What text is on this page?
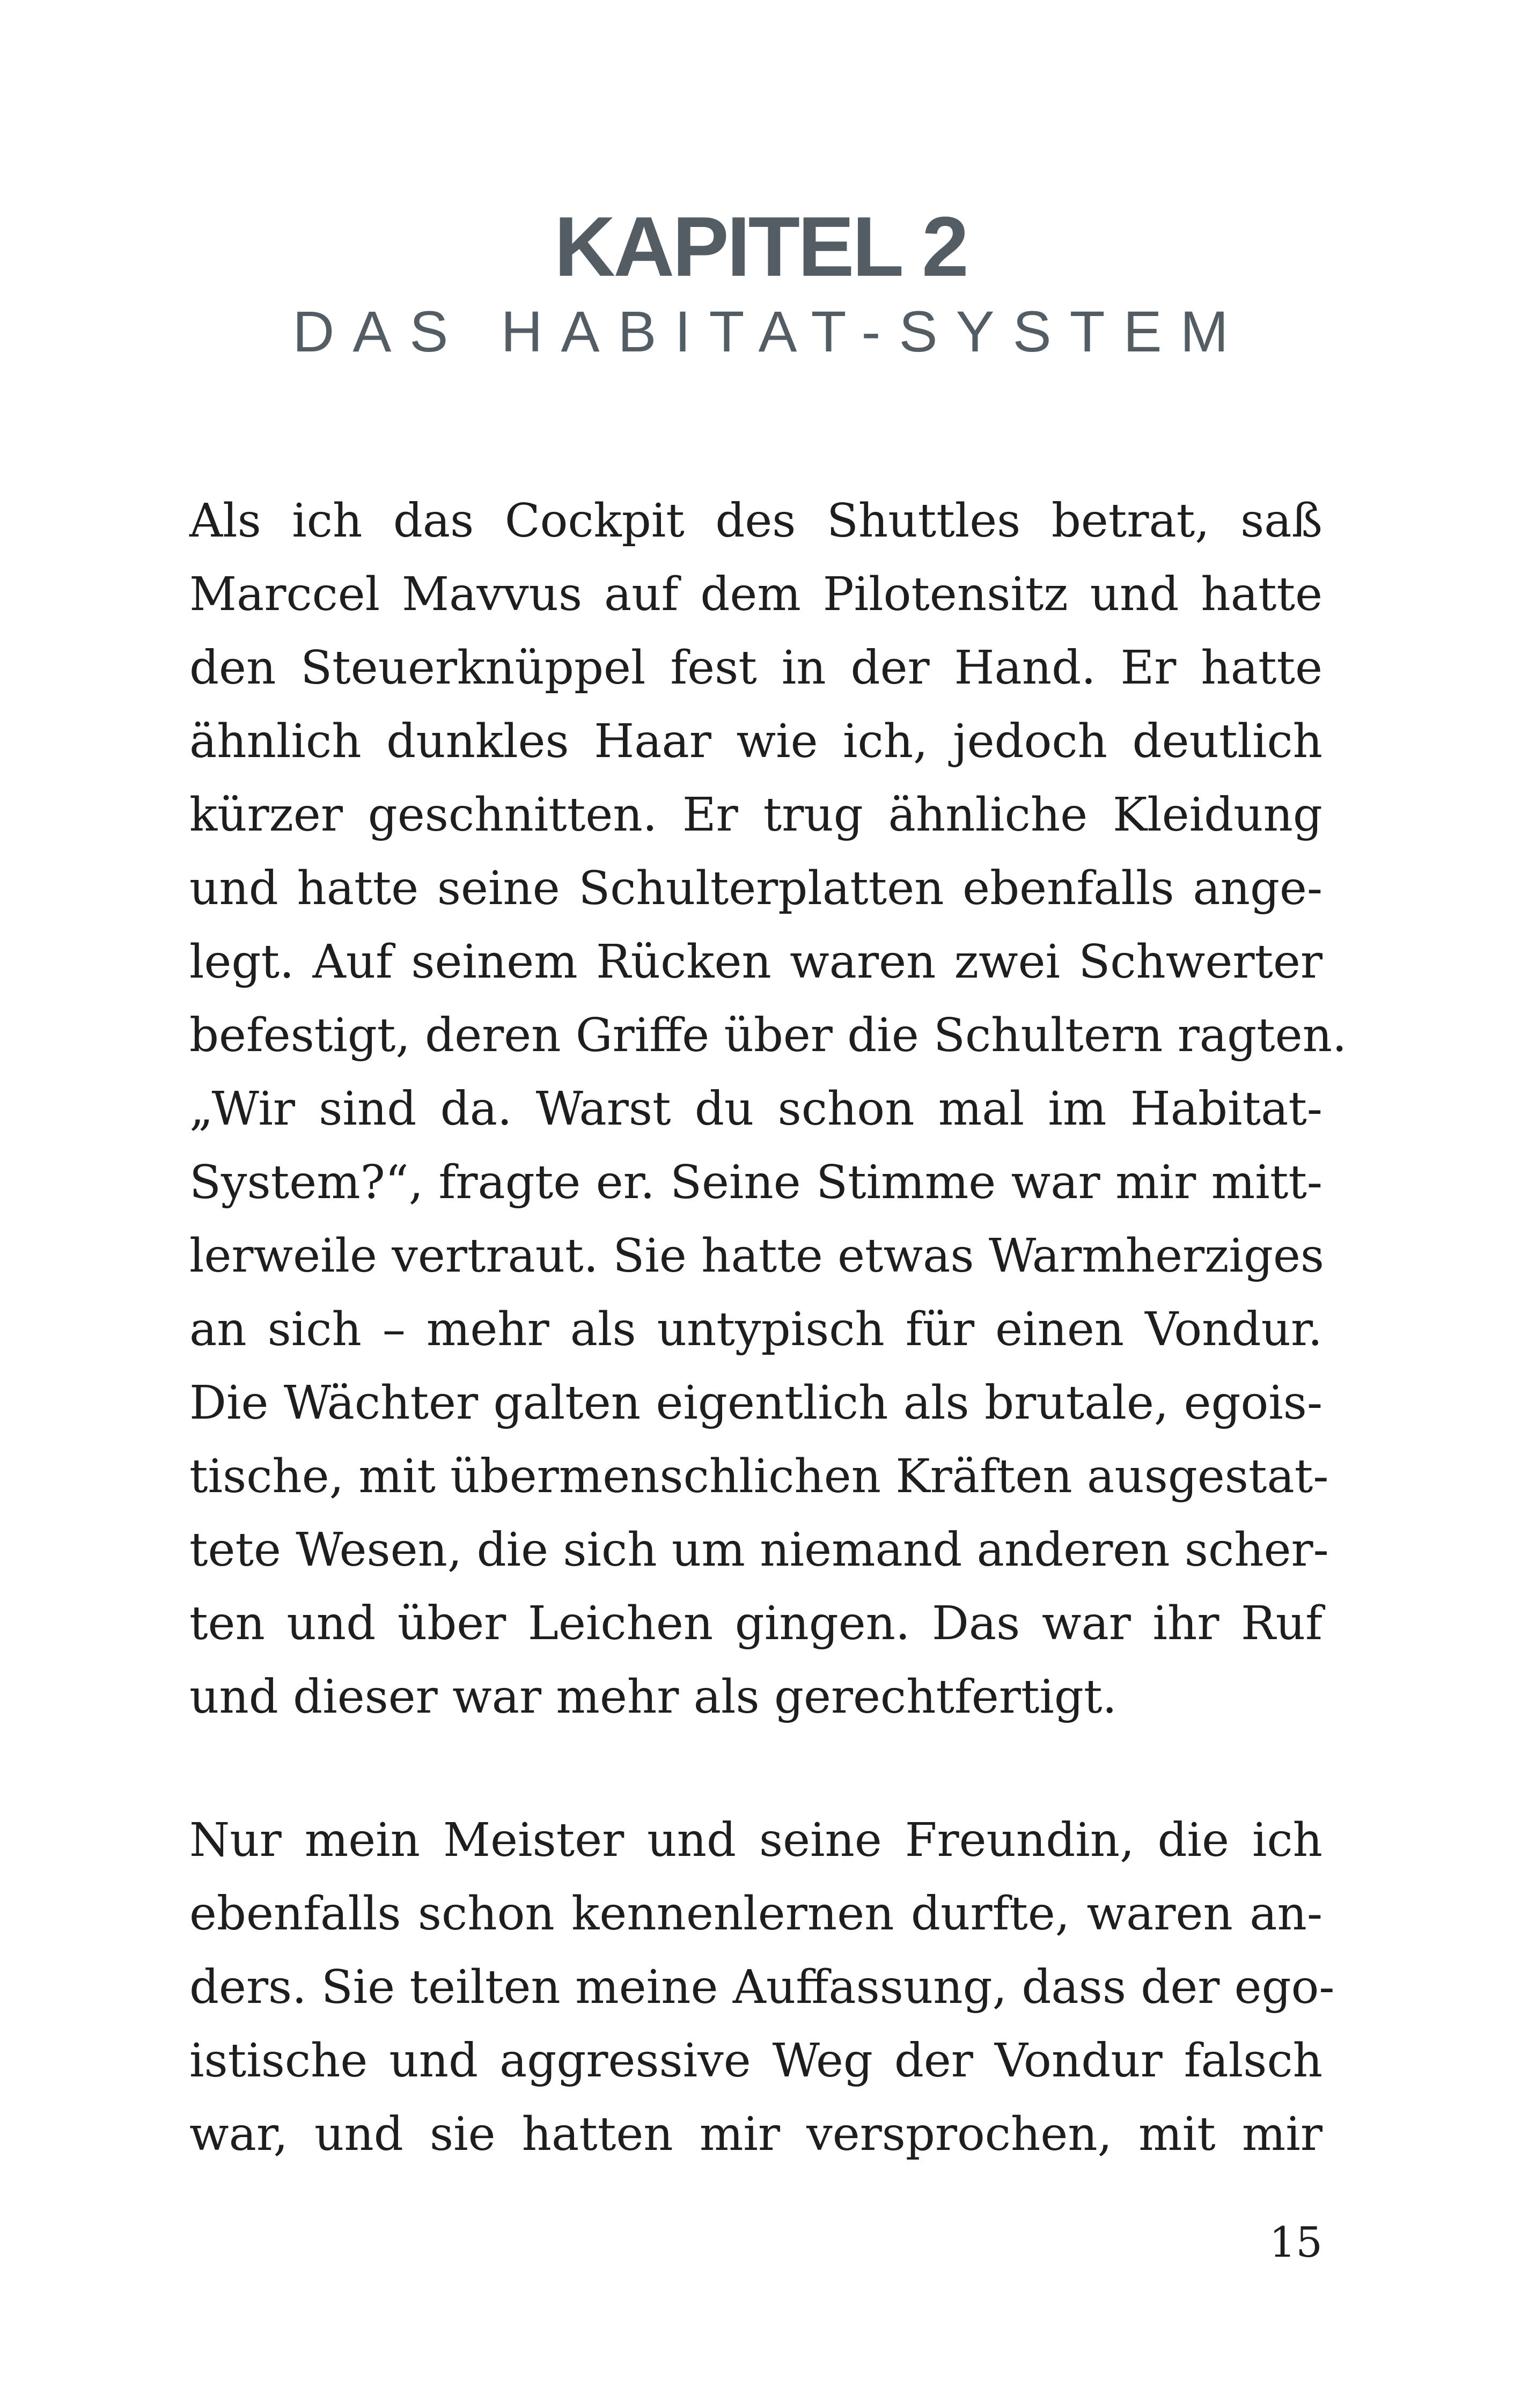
KAPITEL 2
DAS HABITAT-SYSTEM
Als ich das Cockpit des Shuttles betrat, saß
Marccel Mavvus auf dem Pilotensitz und hatte
den Steuerknüppel fest in der Hand. Er hatte
ähnlich dunkles Haar wie ich, jedoch deutlich
kürzer geschnitten. Er trug ähnliche Kleidung
und hatte seine Schulterplatten ebenfalls ange-
legt. Auf seinem Rücken waren zwei Schwerter
befestigt, deren Griffe über die Schultern ragten.
„Wir sind da. Warst du schon mal im Habitat-
System?“, fragte er. Seine Stimme war mir mitt-
lerweile vertraut. Sie hatte etwas Warmherziges
an sich – mehr als untypisch für einen Vondur.
Die Wächter galten eigentlich als brutale, egois-
tische, mit übermenschlichen Kräften ausgestat-
tete Wesen, die sich um niemand anderen scher-
ten und über Leichen gingen. Das war ihr Ruf
und dieser war mehr als gerechtfertigt.
Nur mein Meister und seine Freundin, die ich
ebenfalls schon kennenlernen durfte, waren an-
ders. Sie teilten meine Auffassung, dass der ego-
istische und aggressive Weg der Vondur falsch
war, und sie hatten mir versprochen, mit mir
15
